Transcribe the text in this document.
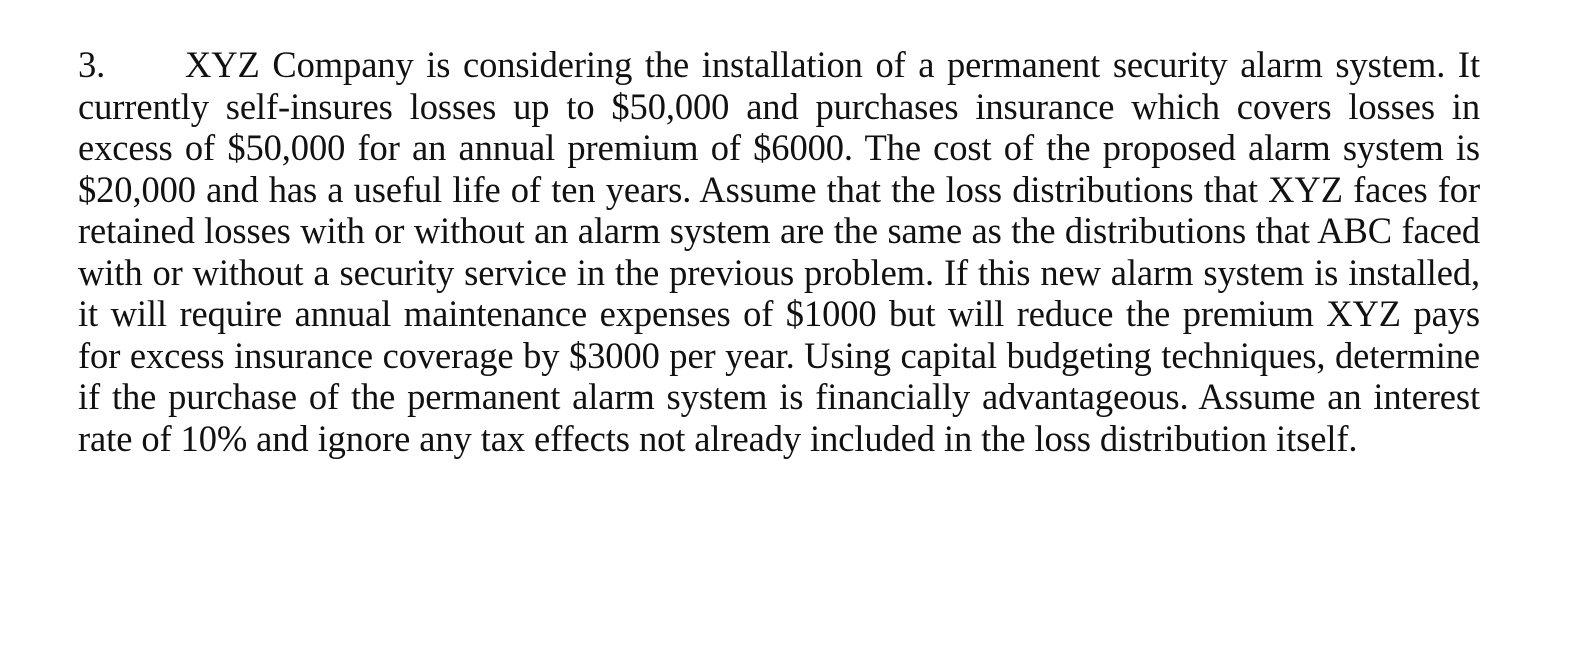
3. XYZ Company is considering the installation of a permanent security alarm system. It currently self-insures losses up to $50,000 and purchases insurance which covers losses in excess of $50,000 for an annual premium of $6000. The cost of the proposed alarm system is $20,000 and has a useful life of ten years. Assume that the loss distributions that XYZ faces for retained losses with or without an alarm system are the same as the distributions that ABC faced with or without a security service in the previous problem. If this new alarm system is installed, it will require annual maintenance expenses of $1000 but will reduce the premium XYZ pays for excess insurance coverage by $3000 per year. Using capital budgeting techniques, determine if the purchase of the permanent alarm system is financially advantageous. Assume an interest rate of 10% and ignore any tax effects not already included in the loss distribution itself.
